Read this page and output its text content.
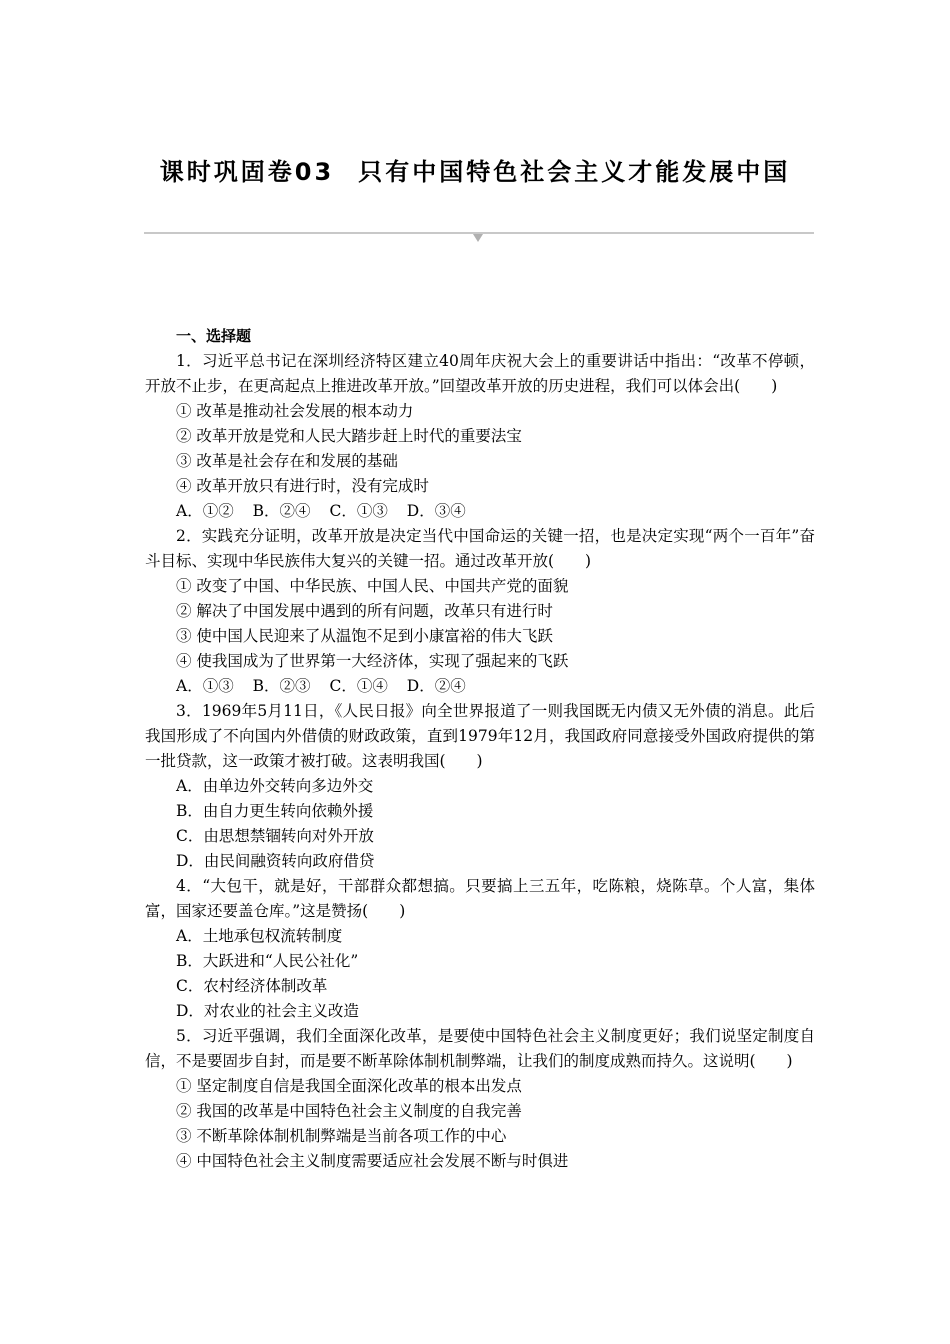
课时巩固卷03 只有中国特色社会主义才能发展中国
一、选择题
1．习近平总书记在深圳经济特区建立40周年庆祝大会上的重要讲话中指出：“改革不停顿，开放不止步，在更高起点上推进改革开放。”回望改革开放的历史进程，我们可以体会出(　　)
① 改革是推动社会发展的根本动力
② 改革开放是党和人民大踏步赶上时代的重要法宝
③ 改革是社会存在和发展的基础
④ 改革开放只有进行时，没有完成时
A．①② B．②④ C．①③ D．③④
2．实践充分证明，改革开放是决定当代中国命运的关键一招，也是决定实现“两个一百年”奋斗目标、实现中华民族伟大复兴的关键一招。通过改革开放(　　)
① 改变了中国、中华民族、中国人民、中国共产党的面貌
② 解决了中国发展中遇到的所有问题，改革只有进行时
③ 使中国人民迎来了从温饱不足到小康富裕的伟大飞跃
④ 使我国成为了世界第一大经济体，实现了强起来的飞跃
A．①③ B．②③ C．①④ D．②④
3．1969年5月11日，《人民日报》向全世界报道了一则我国既无内债又无外债的消息。此后我国形成了不向国内外借债的财政政策，直到1979年12月，我国政府同意接受外国政府提供的第一批贷款，这一政策才被打破。这表明我国(　　)
A．由单边外交转向多边外交
B．由自力更生转向依赖外援
C．由思想禁锢转向对外开放
D．由民间融资转向政府借贷
4．“大包干，就是好，干部群众都想搞。只要搞上三五年，吃陈粮，烧陈草。个人富，集体富，国家还要盖仓库。”这是赞扬(　　)
A．土地承包权流转制度
B．大跃进和“人民公社化”
C．农村经济体制改革
D．对农业的社会主义改造
5．习近平强调，我们全面深化改革，是要使中国特色社会主义制度更好；我们说坚定制度自信，不是要固步自封，而是要不断革除体制机制弊端，让我们的制度成熟而持久。这说明(　　)
① 坚定制度自信是我国全面深化改革的根本出发点
② 我国的改革是中国特色社会主义制度的自我完善
③ 不断革除体制机制弊端是当前各项工作的中心
④ 中国特色社会主义制度需要适应社会发展不断与时俱进
